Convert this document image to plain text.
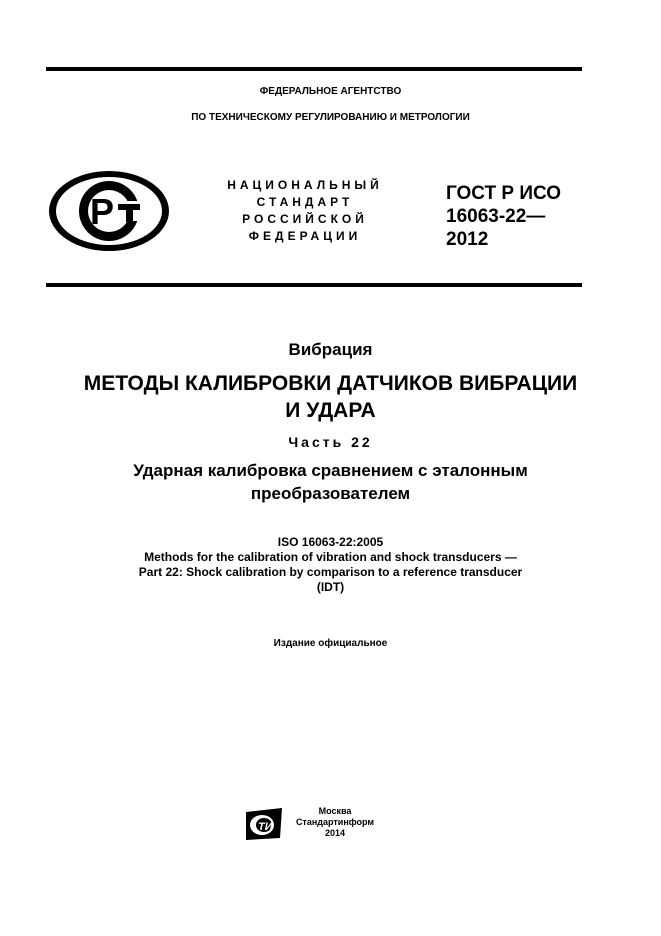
ФЕДЕРАЛЬНОЕ АГЕНТСТВО
ПО ТЕХНИЧЕСКОМУ РЕГУЛИРОВАНИЮ И МЕТРОЛОГИИ
P
НАЦИОНАЛЬНЫЙ
СТАНДАРТ
РОССИЙСКОЙ
ФЕДЕРАЦИИ
ГОСТ Р ИСО
16063-22—
2012
Вибрация
МЕТОДЫ КАЛИБРОВКИ ДАТЧИКОВ ВИБРАЦИИ
И УДАРА
Часть 22
Ударная калибровка сравнением с эталонным
преобразователем
ISO 16063-22:2005
Methods for the calibration of vibration and shock transducers —
Part 22: Shock calibration by comparison to a reference transducer
(IDT)
Издание официальное
ТИ
Москва
Стандартинформ
2014
